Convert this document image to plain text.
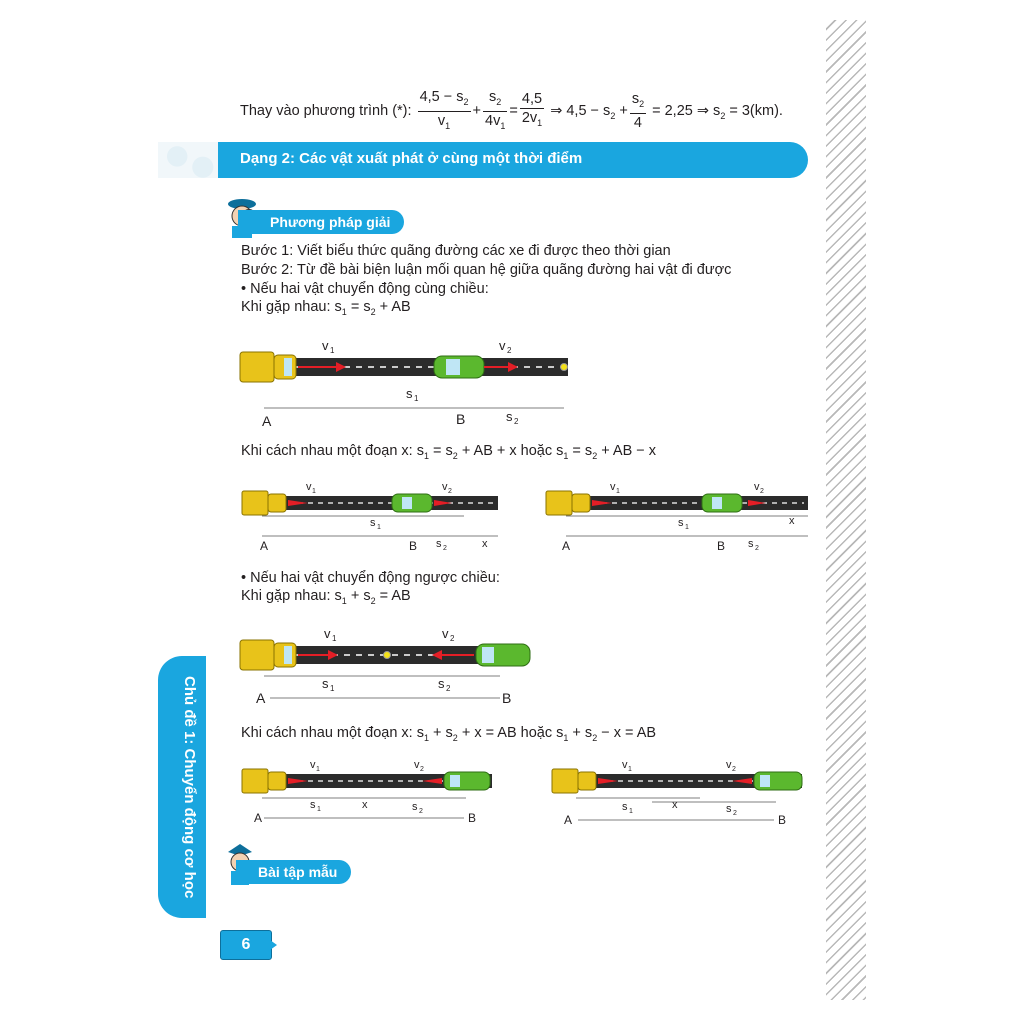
Thay vào phương trình (*): $\frac{4,5 - s_2}{v_1} + \frac{s_2}{4v_1} = \frac{4,5}{2v_1}$ ⇒ $4,5 - s_2 + \frac{s_2}{4} = 2,25$ ⇒ $s_2 = 3(km)$.
Dạng 2: Các vật xuất phát ở cùng một thời điểm
Phương pháp giải
Bước 1: Viết biểu thức quãng đường các xe đi được theo thời gian
Bước 2: Từ đề bài biện luận mối quan hệ giữa quãng đường hai vật đi được
• Nếu hai vật chuyển động cùng chiều:
Khi gặp nhau: $s_1 = s_2$ + AB
v 1	v 2
s 1
s 2
A	B
Khi cách nhau một đoạn x: $s_1 = s_2$ + AB + x hoặc $s_1 = s_2$ + AB − x
v 1	v 2
s 1
s 2	x
A	B
v 1	v 2
s 1
x
s 2
A	B
• Nếu hai vật chuyển động ngược chiều:
Khi gặp nhau: $s_1 + s_2$ = AB
v 1	v 2
s 1	s 2
A	B
Khi cách nhau một đoạn x: $s_1 + s_2 + x$ = AB hoặc $s_1 + s_2 - x$ = AB
v 1	v 2
s 1	x	s 2
A	B
v 1	v 2
s 1
x	s 2
A	B
Bài tập mẫu
Chủ đề 1: Chuyển động cơ học
6
